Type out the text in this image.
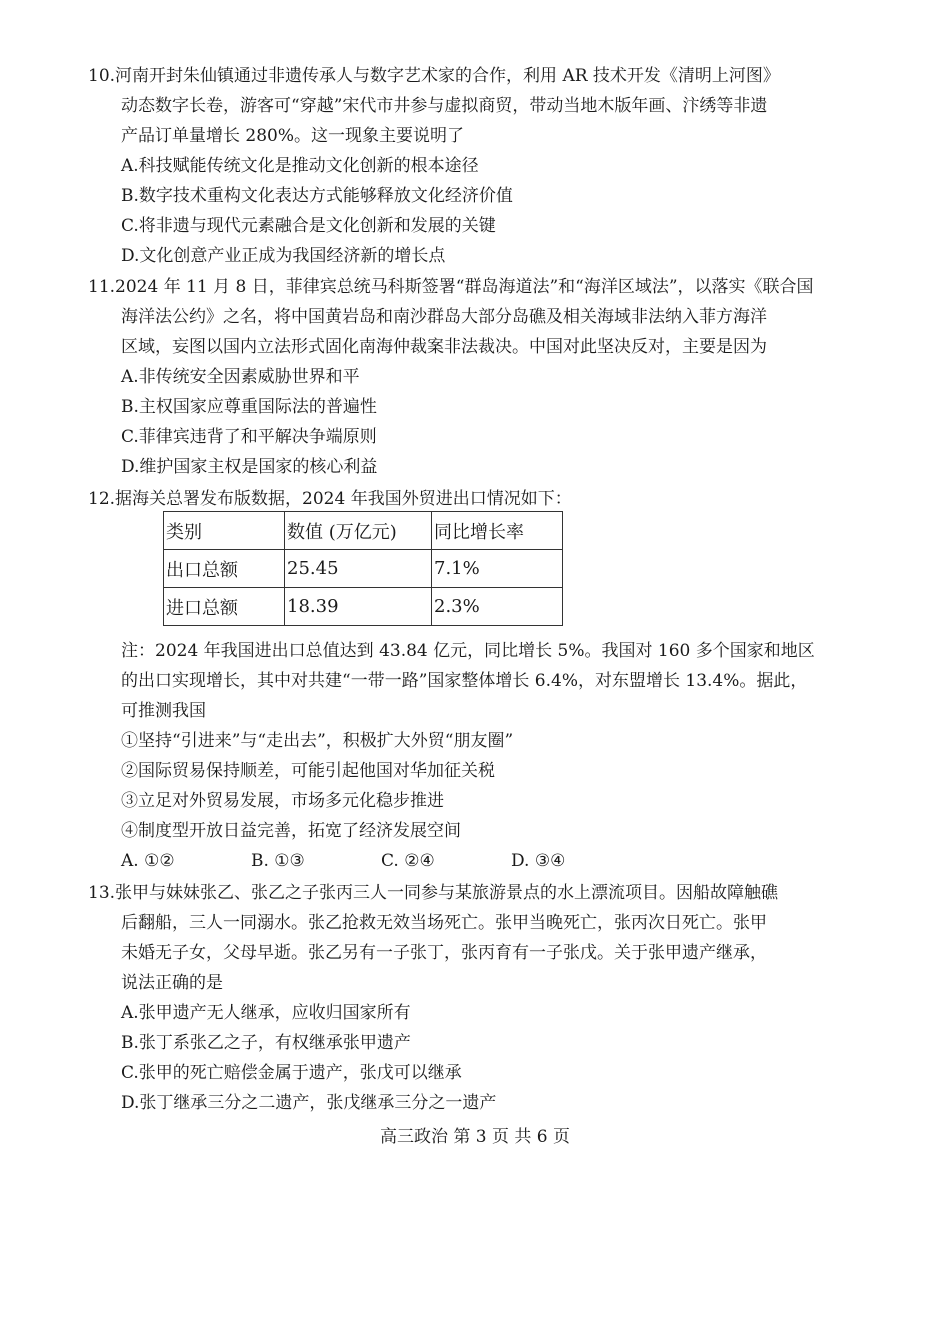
10.河南开封朱仙镇通过非遗传承人与数字艺术家的合作，利用 AR 技术开发《清明上河图》
动态数字长卷，游客可“穿越”宋代市井参与虚拟商贸，带动当地木版年画、汴绣等非遗
产品订单量增长 280%。这一现象主要说明了
A.科技赋能传统文化是推动文化创新的根本途径
B.数字技术重构文化表达方式能够释放文化经济价值
C.将非遗与现代元素融合是文化创新和发展的关键
D.文化创意产业正成为我国经济新的增长点
11.2024 年 11 月 8 日，菲律宾总统马科斯签署“群岛海道法”和“海洋区域法”，以落实《联合国
海洋法公约》之名，将中国黄岩岛和南沙群岛大部分岛礁及相关海域非法纳入菲方海洋
区域，妄图以国内立法形式固化南海仲裁案非法裁决。中国对此坚决反对，主要是因为
A.非传统安全因素威胁世界和平
B.主权国家应尊重国际法的普遍性
C.菲律宾违背了和平解决争端原则
D.维护国家主权是国家的核心利益
12.据海关总署发布版数据，2024 年我国外贸进出口情况如下：
类别	数值 (万亿元)	同比增长率
出口总额	25.45	7.1%
进口总额	18.39	2.3%
注：2024 年我国进出口总值达到 43.84 亿元，同比增长 5%。我国对 160 多个国家和地区
的出口实现增长，其中对共建“一带一路”国家整体增长 6.4%，对东盟增长 13.4%。据此，
可推测我国
①坚持“引进来”与“走出去”，积极扩大外贸“朋友圈”
②国际贸易保持顺差，可能引起他国对华加征关税
③立足对外贸易发展，市场多元化稳步推进
④制度型开放日益完善，拓宽了经济发展空间
A. ①②	B. ①③	C. ②④	D. ③④
13.张甲与妹妹张乙、张乙之子张丙三人一同参与某旅游景点的水上漂流项目。因船故障触礁
后翻船，三人一同溺水。张乙抢救无效当场死亡。张甲当晚死亡，张丙次日死亡。张甲
未婚无子女，父母早逝。张乙另有一子张丁，张丙育有一子张戊。关于张甲遗产继承，
说法正确的是
A.张甲遗产无人继承，应收归国家所有
B.张丁系张乙之子，有权继承张甲遗产
C.张甲的死亡赔偿金属于遗产，张戊可以继承
D.张丁继承三分之二遗产，张戊继承三分之一遗产
高三政治 第 3 页 共 6 页
